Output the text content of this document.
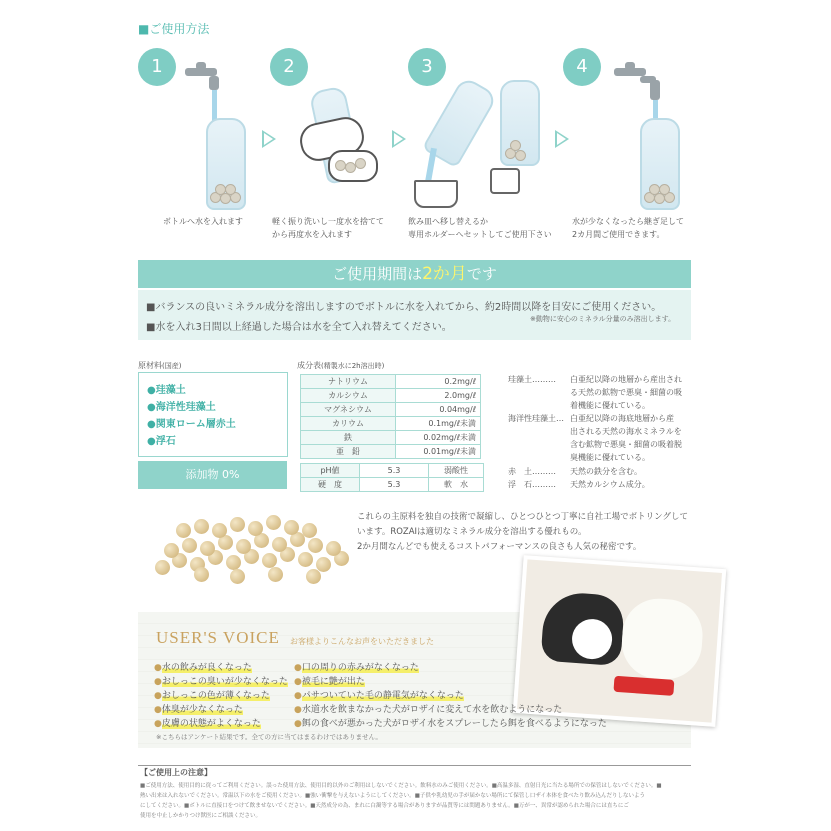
■ご使用方法
1	2	3	4
ボトルへ水を入れます	軽く振り洗いし一度水を捨てて
から再度水を入れます
飲み皿へ移し替えるか
専用ホルダーへセットしてご使用下さい
水が少なくなったら継ぎ足して
2カ月間ご使用できます。
ご使用期間は2か月です
■バランスの良いミネラル成分を溶出しますのでボトルに水を入れてから、約2時間以降を目安にご使用ください。
※動物に安心のミネラル分量のみ溶出します。
■水を入れ3日間以上経過した場合は水を全て入れ替えてください。
原材料(国産)
●珪藻土
●海洋性珪藻土
●関東ローム層赤土
●浮石
添加物 0%
成分表(精製水に2h溶出時)
ナトリウム	0.2mg/ℓ
カルシウム	2.0mg/ℓ
マグネシウム	0.04mg/ℓ
カリウム	0.1mg/ℓ未満
鉄	0.02mg/ℓ未満
亜　鉛	0.01mg/ℓ未満
pH値	5.3	弱酸性
硬　度	5.3	軟　水
珪藻土……… 白亜紀以降の地層から産出され
る天然の鉱物で悪臭・細菌の吸
着機能に優れている。
海洋性珪藻土… 白亜紀以降の海底地層から産
出される天然の海水ミネラルを
含む鉱物で悪臭・細菌の吸着脱
臭機能に優れている。
赤　土……… 天然の鉄分を含む。
浮　石……… 天然カルシウム成分。
これらの主原料を独自の技術で凝縮し、ひとつひとつ丁寧に自社工場でボトリングして
います。ROZAIは適切なミネラル成分を溶出する優れもの。
2か月間なんどでも使えるコストパフォーマンスの良さも人気の秘密です。
USER'S VOICE お客様よりこんなお声をいただきました
●水の飲みが良くなった
●おしっこの臭いが少なくなった
●おしっこの色が薄くなった
●体臭が少なくなった
●皮膚の状態がよくなった
●口の周りの赤みがなくなった
●被毛に艶が出た
●パサついていた毛の静電気がなくなった
●水道水を飲まなかった犬がロザイに変えて水を飲むようになった
●餌の食べが悪かった犬がロザイ水をスプレーしたら餌を食べるようになった
※こちらはアンケート結果です。全ての方に当てはまるわけではありません。
【ご使用上の注意】
■ご使用方法、使用目的に従ってご利用ください。誤った使用方法、使用目的以外のご利用はしないでください。飲料水のみご使用ください。■高温多湿、直射日光に当たる場所での保管はしないでください。■
熱い出来は入れないでください。常温以下の水をご使用ください。■強い衝撃を与えないようにしてください。■子供や乳幼児の手が届かない場所にて保管し口ザイ本体を食べたり飲み込んだりしないよう
にしてください。■ボトルに直接口をつけて飲ませないでください。■天然成分の為、まれに白濁等する場合がありますが品質等には問題ありません。■万が一、異常が認められた場合には直ちにご
使用を中止しかかりつけ獣医にご相談ください。
